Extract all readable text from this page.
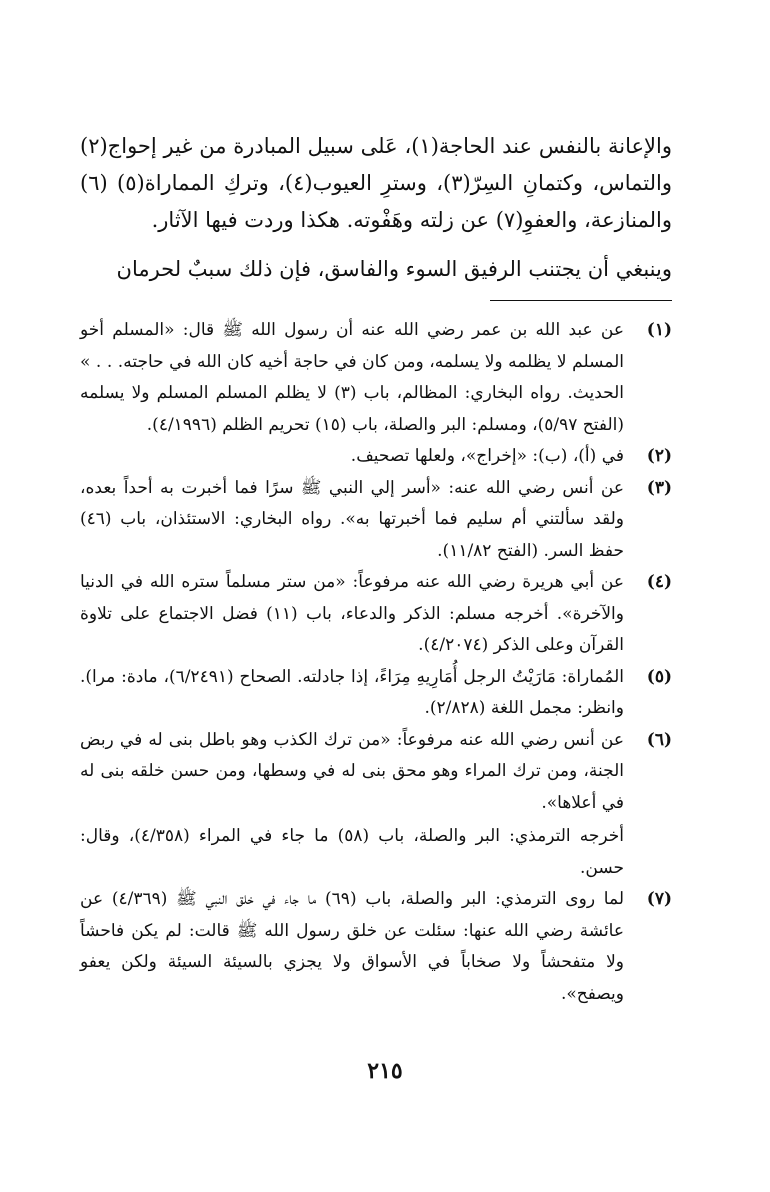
والإعانة بالنفس عند الحاجة(١)، عَلى سبيل المبادرة من غير إحواج(٢) والتماس، وكتمانِ السِرّ(٣)، وسترِ العيوب(٤)، وتركِ المماراة(٥) (٦) والمنازعة، والعفوِ(٧) عن زلته وهَفْوته. هكذا وردت فيها الآثار.

وينبغي أن يجتنب الرفيق السوء والفاسق، فإن ذلك سببٌ لحرمان

(١)

عن عبد الله بن عمر رضي الله عنه أن رسول الله ﷺ قال: «المسلم أخو المسلم لا يظلمه ولا يسلمه، ومن كان في حاجة أخيه كان الله في حاجته. . . » الحديث. رواه البخاري: المظالم، باب (٣) لا يظلم المسلم المسلم ولا يسلمه (الفتح ٥/٩٧)، ومسلم: البر والصلة، باب (١٥) تحريم الظلم (٤/١٩٩٦).

(٢)

في (أ)، (ب): «إخراج»، ولعلها تصحيف.

(٣)

عن أنس رضي الله عنه: «أسر إلي النبي ﷺ سرًا فما أخبرت به أحداً بعده، ولقد سألتني أم سليم فما أخبرتها به». رواه البخاري: الاستئذان، باب (٤٦) حفظ السر. (الفتح ١١/٨٢).

(٤)

عن أبي هريرة رضي الله عنه مرفوعاً: «من ستر مسلماً ستره الله في الدنيا والآخرة». أخرجه مسلم: الذكر والدعاء، باب (١١) فضل الاجتماع على تلاوة القرآن وعلى الذكر (٤/٢٠٧٤).

(٥)

المُماراة: مَارَيْتُ الرجل أُمَارِيهِ مِرَاءً، إذا جادلته. الصحاح (٦/٢٤٩١)، مادة: مرا). وانظر: مجمل اللغة (٢/٨٢٨).

(٦)

عن أنس رضي الله عنه مرفوعاً: «من ترك الكذب وهو باطل بنى له في ربض الجنة، ومن ترك المراء وهو محق بنى له في وسطها، ومن حسن خلقه بنى له في أعلاها».

أخرجه الترمذي: البر والصلة، باب (٥٨) ما جاء في المراء (٤/٣٥٨)، وقال: حسن.

(٧)

لما روى الترمذي: البر والصلة، باب (٦٩) ما جاء في خلق النبي ﷺ (٤/٣٦٩) عن عائشة رضي الله عنها: سئلت عن خلق رسول الله ﷺ قالت: لم يكن فاحشاً ولا متفحشاً ولا صخاباً في الأسواق ولا يجزي بالسيئة السيئة ولكن يعفو ويصفح».

٢١٥
